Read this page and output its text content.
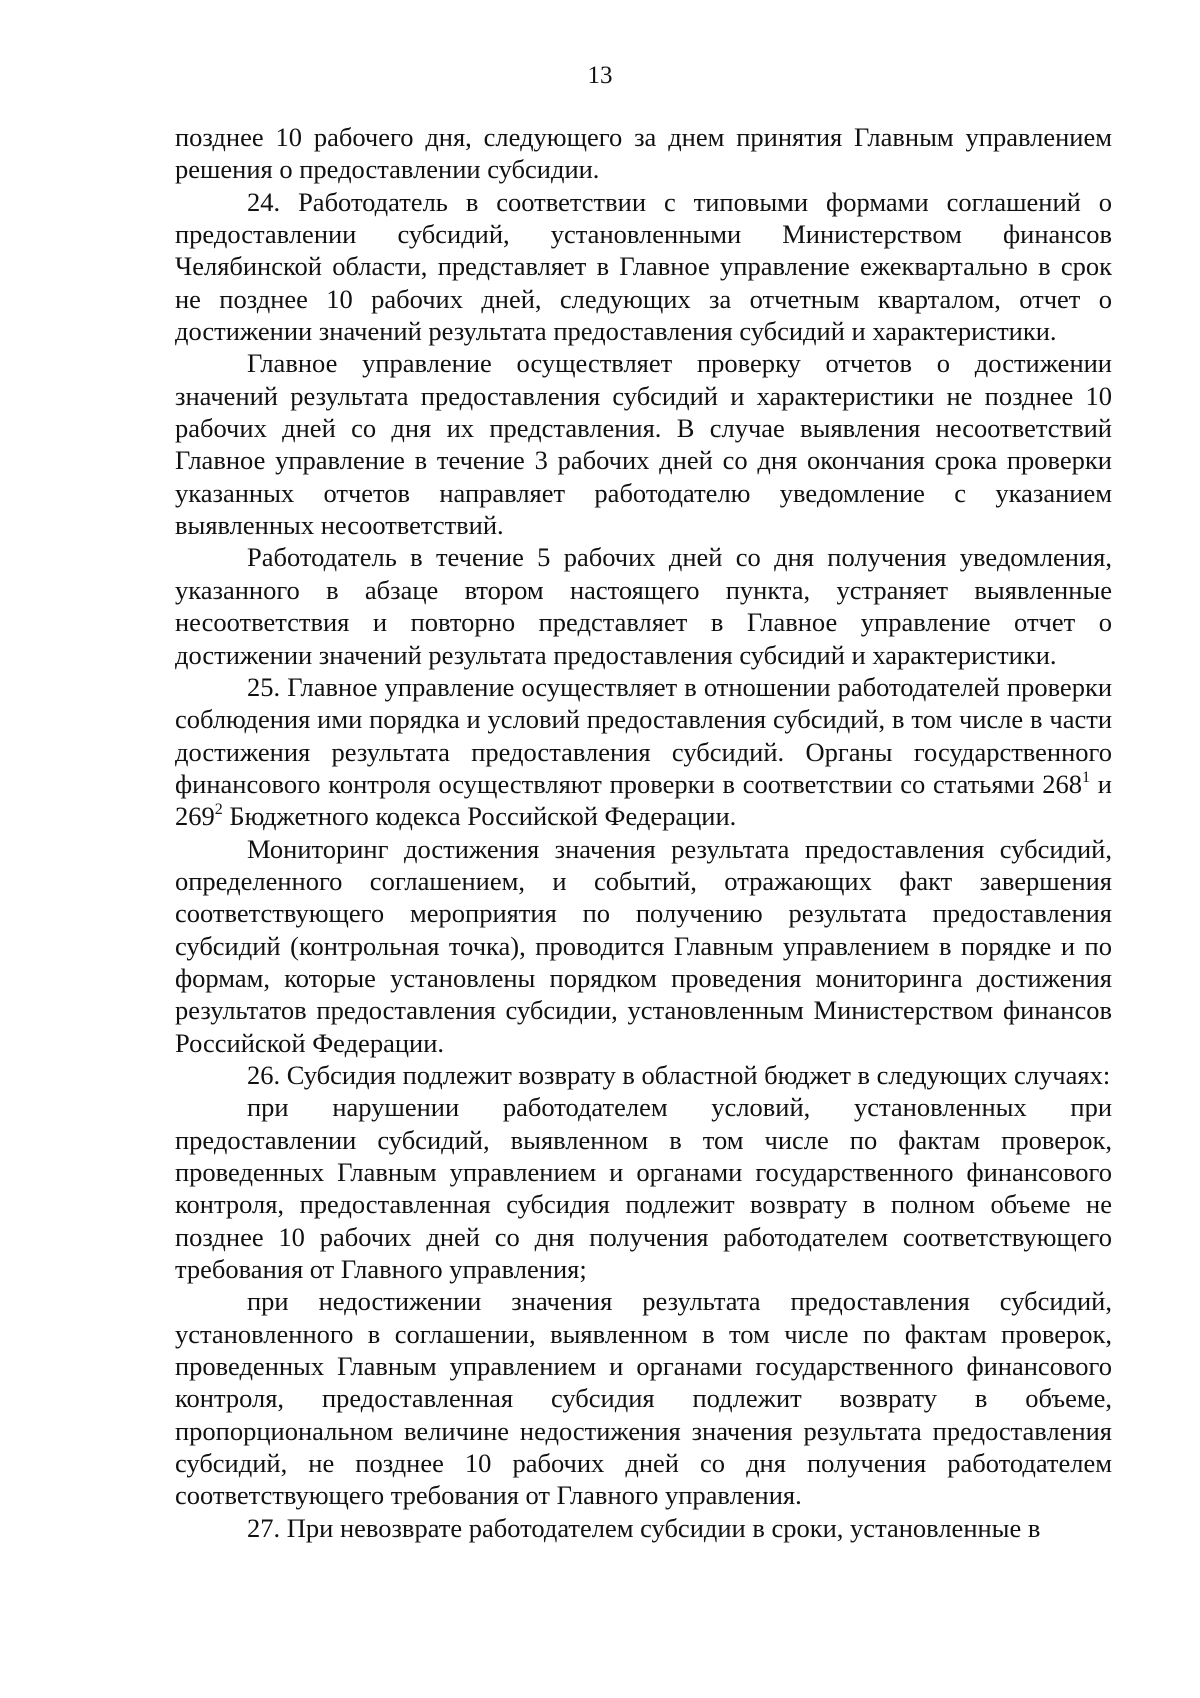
13

позднее 10 рабочего дня, следующего за днем принятия Главным управлением решения о предоставлении субсидии.

24. Работодатель в соответствии с типовыми формами соглашений о предоставлении субсидий, установленными Министерством финансов Челябинской области, представляет в Главное управление ежеквартально в срок не позднее 10 рабочих дней, следующих за отчетным кварталом, отчет о достижении значений результата предоставления субсидий и характеристики.

Главное управление осуществляет проверку отчетов о достижении значений результата предоставления субсидий и характеристики не позднее 10 рабочих дней со дня их представления. В случае выявления несоответствий Главное управление в течение 3 рабочих дней со дня окончания срока проверки указанных отчетов направляет работодателю уведомление с указанием выявленных несоответствий.

Работодатель в течение 5 рабочих дней со дня получения уведомления, указанного в абзаце втором настоящего пункта, устраняет выявленные несоответствия и повторно представляет в Главное управление отчет о достижении значений результата предоставления субсидий и характеристики.

25. Главное управление осуществляет в отношении работодателей проверки соблюдения ими порядка и условий предоставления субсидий, в том числе в части достижения результата предоставления субсидий. Органы государственного финансового контроля осуществляют проверки в соответствии со статьями $268^1$ и $269^2$ Бюджетного кодекса Российской Федерации.

Мониторинг достижения значения результата предоставления субсидий, определенного соглашением, и событий, отражающих факт завершения соответствующего мероприятия по получению результата предоставления субсидий (контрольная точка), проводится Главным управлением в порядке и по формам, которые установлены порядком проведения мониторинга достижения результатов предоставления субсидии, установленным Министерством финансов Российской Федерации.

26. Субсидия подлежит возврату в областной бюджет в следующих случаях:

при нарушении работодателем условий, установленных при предоставлении субсидий, выявленном в том числе по фактам проверок, проведенных Главным управлением и органами государственного финансового контроля, предоставленная субсидия подлежит возврату в полном объеме не позднее 10 рабочих дней со дня получения работодателем соответствующего требования от Главного управления;

при недостижении значения результата предоставления субсидий, установленного в соглашении, выявленном в том числе по фактам проверок, проведенных Главным управлением и органами государственного финансового контроля, предоставленная субсидия подлежит возврату в объеме, пропорциональном величине недостижения значения результата предоставления субсидий, не позднее 10 рабочих дней со дня получения работодателем соответствующего требования от Главного управления.

27. При невозврате работодателем субсидии в сроки, установленные в
